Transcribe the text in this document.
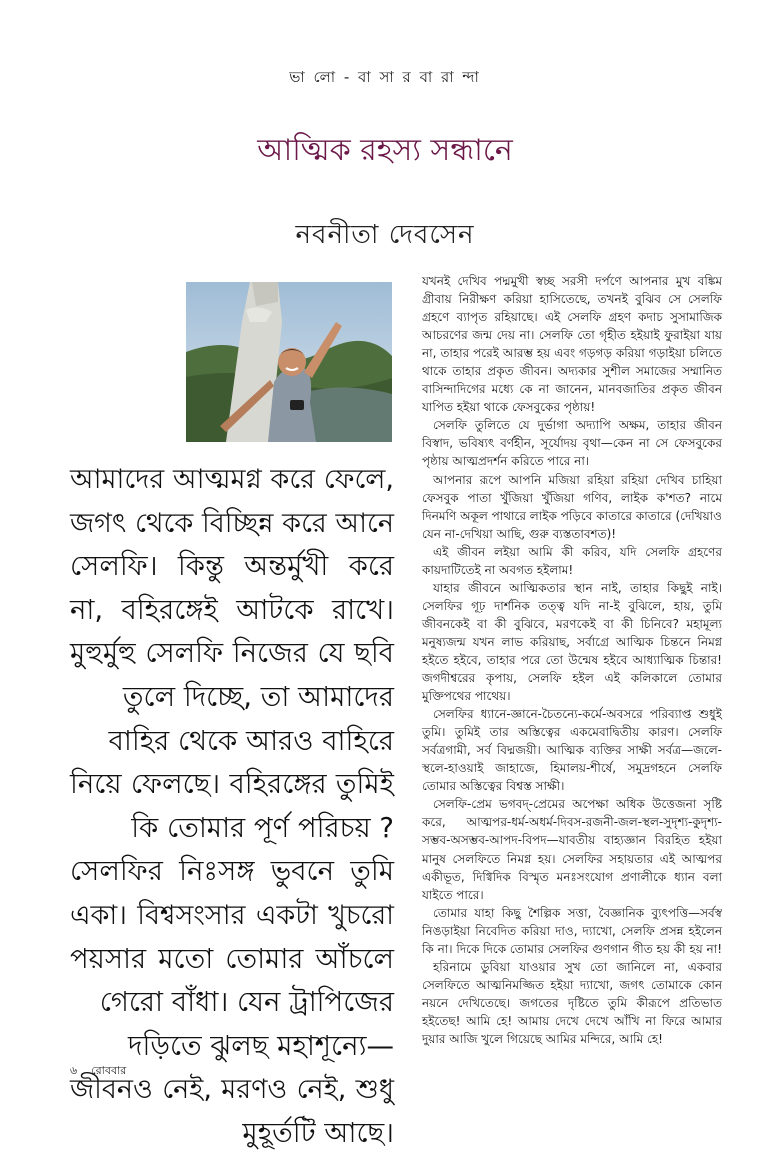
ভা লো - বা সা র বা রা ন্দা
আত্মিক রহস্য সন্ধানে
নবনীতা দেবসেন
আমাদের আত্মমগ্ন করে ফেলে,
জগৎ থেকে বিচ্ছিন্ন করে আনে
সেলফি। কিন্তু অন্তর্মুখী করে
না, বহিরঙ্গেই আটকে রাখে।
মুহুর্মুহু সেলফি নিজের যে ছবি
তুলে দিচ্ছে, তা আমাদের
বাহির থেকে আরও বাহিরে
নিয়ে ফেলছে। বহিরঙ্গের তুমিই
কি তোমার পূর্ণ পরিচয় ?
সেলফির নিঃসঙ্গ ভুবনে তুমি
একা। বিশ্বসংসার একটা খুচরো
পয়সার মতো তোমার আঁচলে
গেরো বাঁধা। যেন ট্রাপিজের
দড়িতে ঝুলছ মহাশূন্যে—
জীবনও নেই, মরণও নেই, শুধু
মুহূর্তটি আছে।

যখনই দেখিব পদ্মমুখী স্বচ্ছ সরসী দর্পণে আপনার মুখ বঙ্কিম গ্রীবায় নিরীক্ষণ করিয়া হাসিতেছে, তখনই বুঝিব সে সেলফি গ্রহণে ব্যাপৃত রহিয়াছে। এই সেলফি গ্রহণ কদাচ সুসামাজিক আচরণের জন্ম দেয় না। সেলফি তো গৃহীত হইয়াই ফুরাইয়া যায় না, তাহার পরেই আরম্ভ হয় এবং গড়গড় করিয়া গড়াইয়া চলিতে থাকে তাহার প্রকৃত জীবন। অদ্যকার সুশীল সমাজের সম্মানিত বাসিন্দাদিগের মধ্যে কে না জানেন, মানবজাতির প্রকৃত জীবন যাপিত হইয়া থাকে ফেসবুকের পৃষ্ঠায়!

সেলফি তুলিতে যে দুর্ভাগা অদ্যাপি অক্ষম, তাহার জীবন বিস্বাদ, ভবিষ্যৎ বর্ণহীন, সূর্যোদয় বৃথা—কেন না সে ফেসবুকের পৃষ্ঠায় আত্মপ্রদর্শন করিতে পারে না।

আপনার রূপে আপনি মজিয়া রহিয়া রহিয়া দেখিব চাহিয়া ফেসবুক পাতা খুঁজিয়া খুঁজিয়া গণিব, লাইক ক'শত? নামে দিনমণি অকূল পাথারে লাইক পড়িবে কাতারে কাতারে (দেখিয়াও যেন না-দেখিয়া আছি, গুরু ব্যস্ততাবশত)!

এই জীবন লইয়া আমি কী করিব, যদি সেলফি গ্রহণের কায়দাটিতেই না অবগত হইলাম!

যাহার জীবনে আত্মিকতার স্থান নাই, তাহার কিছুই নাই। সেলফির গূঢ় দার্শনিক তত্ত্ব যদি না-ই বুঝিলে, হায়, তুমি জীবনকেই বা কী বুঝিবে, মরণকেই বা কী চিনিবে? মহামূল্য মনুষ্যজন্ম যখন লাভ করিয়াছ, সর্বাগ্রে আত্মিক চিন্তনে নিমগ্ন হইতে হইবে, তাহার পরে তো উন্মেষ হইবে আধ্যাত্মিক চিন্তার! জগদীশ্বরের কৃপায়, সেলফি হইল এই কলিকালে তোমার মুক্তিপথের পাথেয়।

সেলফির ধ্যানে-জ্ঞানে-চৈতন্যে-কর্মে-অবসরে পরিব্যাপ্ত শুধুই তুমি। তুমিই তার অস্তিত্বের একমেবাদ্বিতীয় কারণ। সেলফি সর্বত্রগামী, সর্ব বিদ্মজয়ী। আত্মিক ব্যক্তির সাক্ষী সর্বত্র—জলে-স্থলে-হাওয়াই জাহাজে, হিমালয়-শীর্ষে, সমুদ্রগহনে সেলফি তোমার অস্তিত্বের বিশ্বস্ত সাক্ষী।

সেলফি-প্রেম ভগবদ্-প্রেমের অপেক্ষা অধিক উত্তেজনা সৃষ্টি করে, আত্মপর-ধর্ম-অধর্ম-দিবস-রজনী-জল-স্থল-সুদৃশ্য-কুদৃশ্য-সম্ভব-অসম্ভব-আপদ-বিপদ—যাবতীয় বাহ্যজ্ঞান বিরহিত হইয়া মানুষ সেলফিতে নিমগ্ন হয়। সেলফির সহায়তার এই আত্মপর একীভূত, দিগ্বিদিক বিস্মৃত মনঃসংযোগ প্রণালীকে ধ্যান বলা যাইতে পারে।

তোমার যাহা কিছু শৈল্পিক সত্তা, বৈজ্ঞানিক ব্যুৎপত্তি—সর্বস্ব নিঙড়াইয়া নিবেদিত করিয়া দাও, দ্যাখো, সেলফি প্রসন্ন হইলেন কি না। দিকে দিকে তোমার সেলফির গুণগান গীত হয় কী হয় না!

হরিনামে ডুবিয়া যাওয়ার সুখ তো জানিলে না, একবার সেলফিতে আত্মনিমজ্জিত হইয়া দ্যাখো, জগৎ তোমাকে কোন নয়নে দেখিতেছে। জগতের দৃষ্টিতে তুমি কীরূপে প্রতিভাত হইতেছ! আমি হে! আমায় দেখে দেখে আঁখি না ফিরে আমার দুয়ার আজি খুলে গিয়েছে আমির মন্দিরে, আমি হে!

৬ রোববার
